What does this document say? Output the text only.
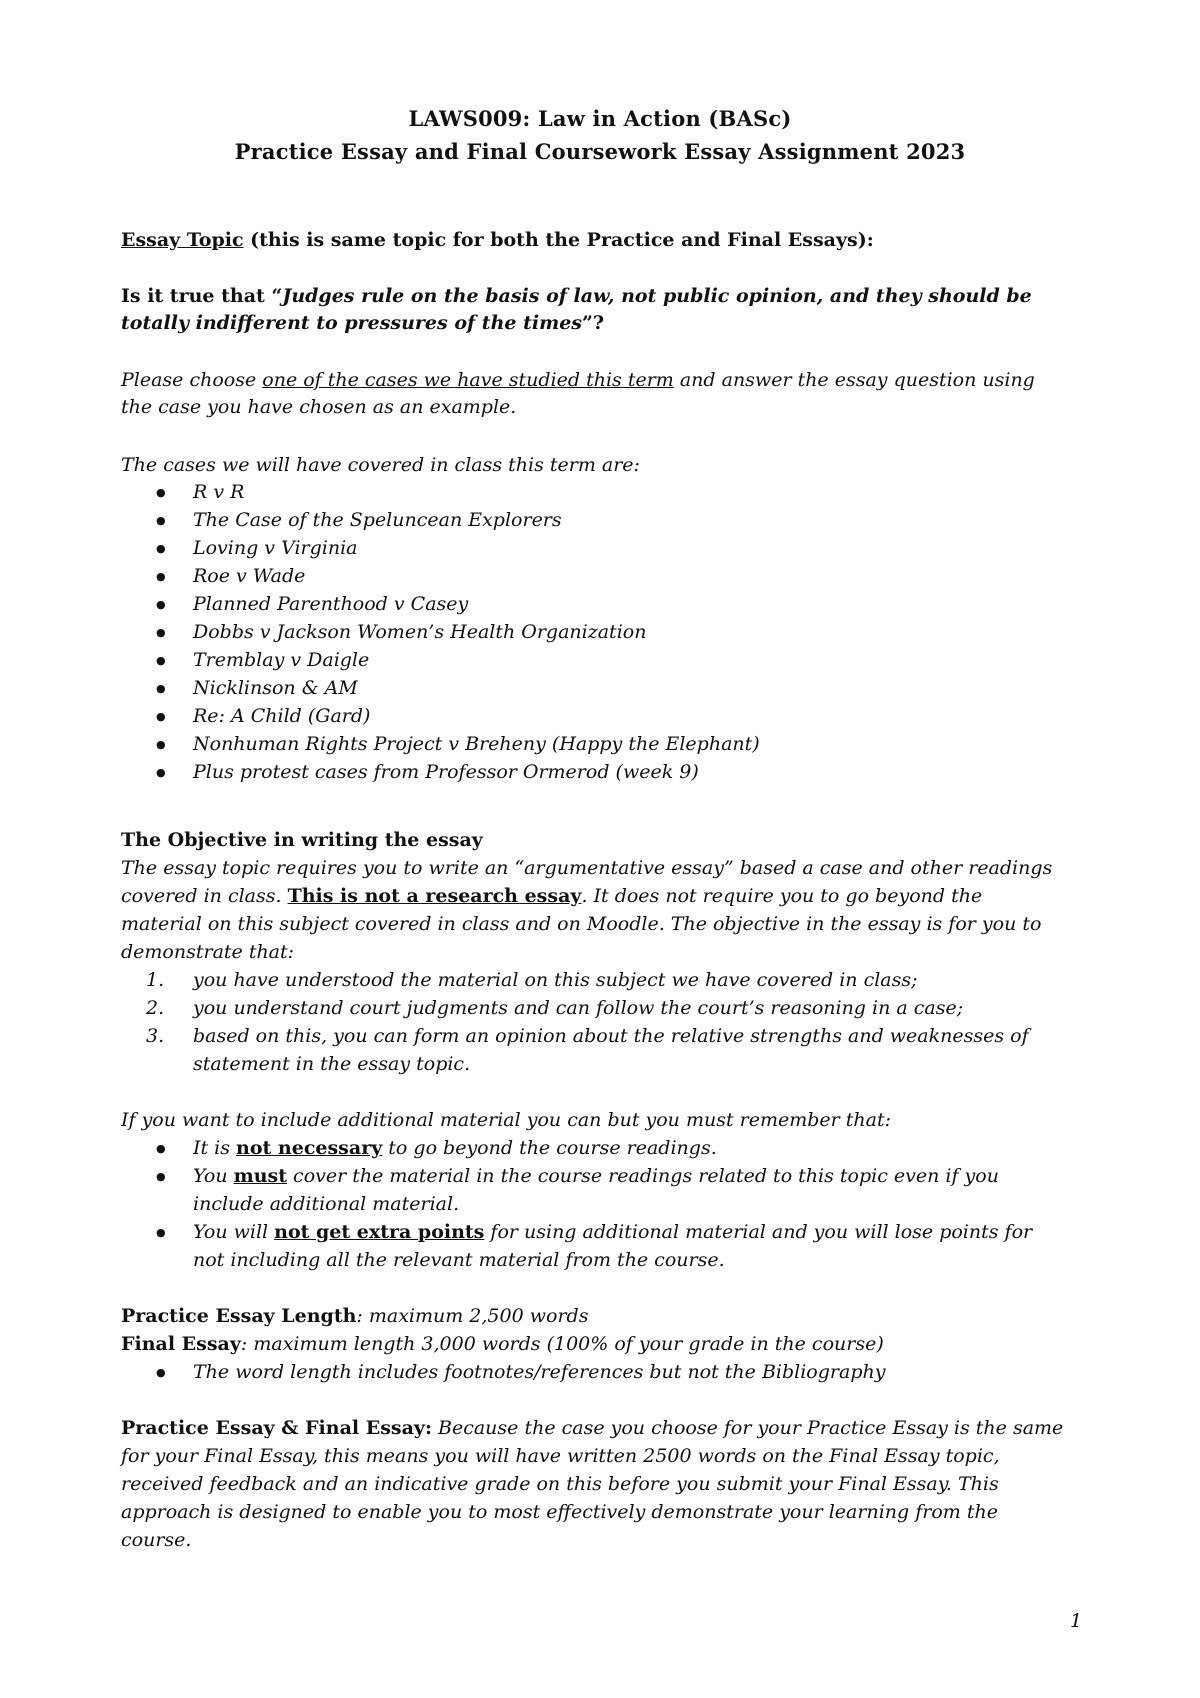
LAWS009: Law in Action (BASc)
Practice Essay and Final Coursework Essay Assignment 2023
Essay Topic (this is same topic for both the Practice and Final Essays):
Is it true that “Judges rule on the basis of law, not public opinion, and they should be
totally indifferent to pressures of the times”?
Please choose one of the cases we have studied this term and answer the essay question using
the case you have chosen as an example.
The cases we will have covered in class this term are:
● R v R
● The Case of the Speluncean Explorers
● Loving v Virginia
● Roe v Wade
● Planned Parenthood v Casey
● Dobbs v Jackson Women’s Health Organization
● Tremblay v Daigle
● Nicklinson & AM
● Re: A Child (Gard)
● Nonhuman Rights Project v Breheny (Happy the Elephant)
● Plus protest cases from Professor Ormerod (week 9)
The Objective in writing the essay
The essay topic requires you to write an “argumentative essay” based a case and other readings
covered in class. This is not a research essay. It does not require you to go beyond the
material on this subject covered in class and on Moodle. The objective in the essay is for you to
demonstrate that:
1. you have understood the material on this subject we have covered in class;
2. you understand court judgments and can follow the court’s reasoning in a case;
3. based on this, you can form an opinion about the relative strengths and weaknesses of
statement in the essay topic.
If you want to include additional material you can but you must remember that:
● It is not necessary to go beyond the course readings.
● You must cover the material in the course readings related to this topic even if you
include additional material.
● You will not get extra points for using additional material and you will lose points for
not including all the relevant material from the course.
Practice Essay Length: maximum 2,500 words
Final Essay: maximum length 3,000 words (100% of your grade in the course)
● The word length includes footnotes/references but not the Bibliography
Practice Essay & Final Essay: Because the case you choose for your Practice Essay is the same
for your Final Essay, this means you will have written 2500 words on the Final Essay topic,
received feedback and an indicative grade on this before you submit your Final Essay. This
approach is designed to enable you to most effectively demonstrate your learning from the
course.
1
